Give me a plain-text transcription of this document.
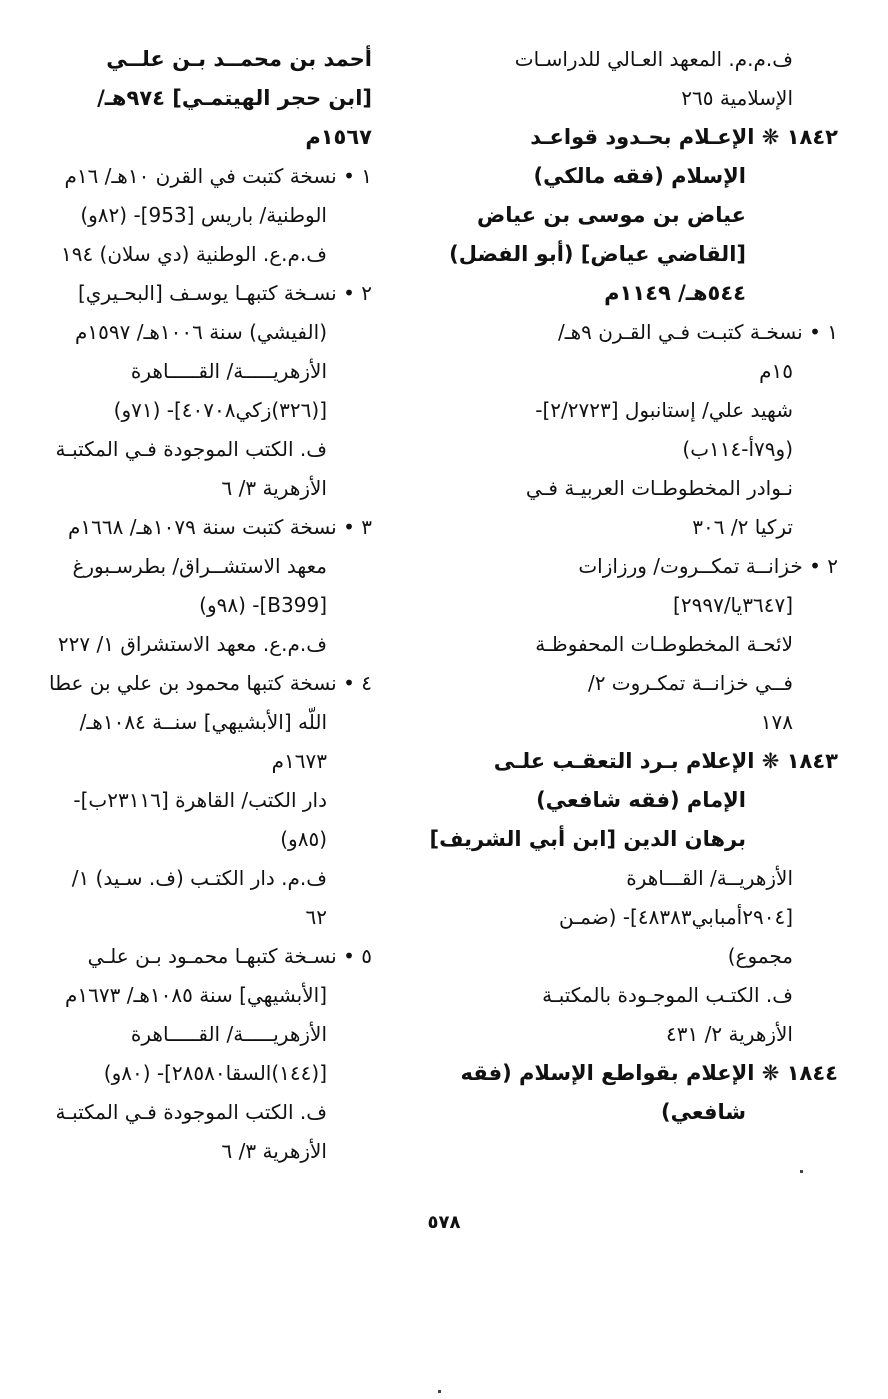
ف.م.م. المعهد العـالي للدراسـات
الإسلامية ٢٦٥
١٨٤٢ ❋ الإعـلام بحـدود قواعـد
الإسلام (فقه مالكي)
عياض بن موسى بن عياض
[القاضي عياض] (أبو الفضل)
٥٤٤هـ/ ١١٤٩م
١ • نسخـة كتبـت فـي القـرن ٩هـ/
١٥م
شهيد علي/ إستانبول [٢/٢٧٢٣]-
(و٧٩أ-١١٤ب)
نـوادر المخطوطـات العربيـة فـي
تركيا ٢/ ٣٠٦
٢ • خزانــة تمكــروت/ ورزازات
[٣٦٤٧يا/٢٩٩٧]
لائحـة المخطوطـات المحفوظـة
فــي خزانــة تمكـروت ٢/
١٧٨
١٨٤٣ ❋ الإعلام بـرد التعقـب علـى
الإمام (فقه شافعي)
برهان الدين [ابن أبي الشريف]
الأزهريــة/ القـــاهرة
[٢٩٠٤أمبابي٤٨٣٨٣]- (ضمـن
مجموع)
ف. الكتـب الموجـودة بالمكتبـة
الأزهرية ٢/ ٤٣١
١٨٤٤ ❋ الإعلام بقواطع الإسلام (فقه
شافعي)
أحمد بن محمــد بـن علــي
[ابن حجر الهيتمـي] ٩٧٤هـ/
١٥٦٧م
١ • نسخة كتبت في القرن ١٠هـ/ ١٦م
الوطنية/ باريس [953]- (٨٢و)
ف.م.ع. الوطنية (دي سلان) ١٩٤
٢ • نسـخة كتبهـا يوسـف [البحـيري]
(الفيشي) سنة ١٠٠٦هـ/ ١٥٩٧م
الأزهريـــــة/ القـــــاهرة
[(٣٢٦)زكي٤٠٧٠٨]- (٧١و)
ف. الكتب الموجودة فـي المكتبـة
الأزهرية ٣/ ٦
٣ • نسخة كتبت سنة ١٠٧٩هـ/ ١٦٦٨م
معهد الاستشــراق/ بطرسـبورغ
[B399]- (٩٨و)
ف.م.ع. معهد الاستشراق ١/ ٢٢٧
٤ • نسخة كتبها محمود بن علي بن عطا
اللّه [الأبشيهي] سنــة ١٠٨٤هـ/
١٦٧٣م
دار الكتب/ القاهرة [٢٣١١٦ب]-
(٨٥و)
ف.م. دار الكتـب (ف. سـيد) ١/
٦٢
٥ • نسـخة كتبهـا محمـود بـن علـي
[الأبشيهي] سنة ١٠٨٥هـ/ ١٦٧٣م
الأزهريـــــة/ القـــــاهرة
[(١٤٤)السقا٢٨٥٨٠]- (٨٠و)
ف. الكتب الموجودة فـي المكتبـة
الأزهرية ٣/ ٦
٥٧٨
